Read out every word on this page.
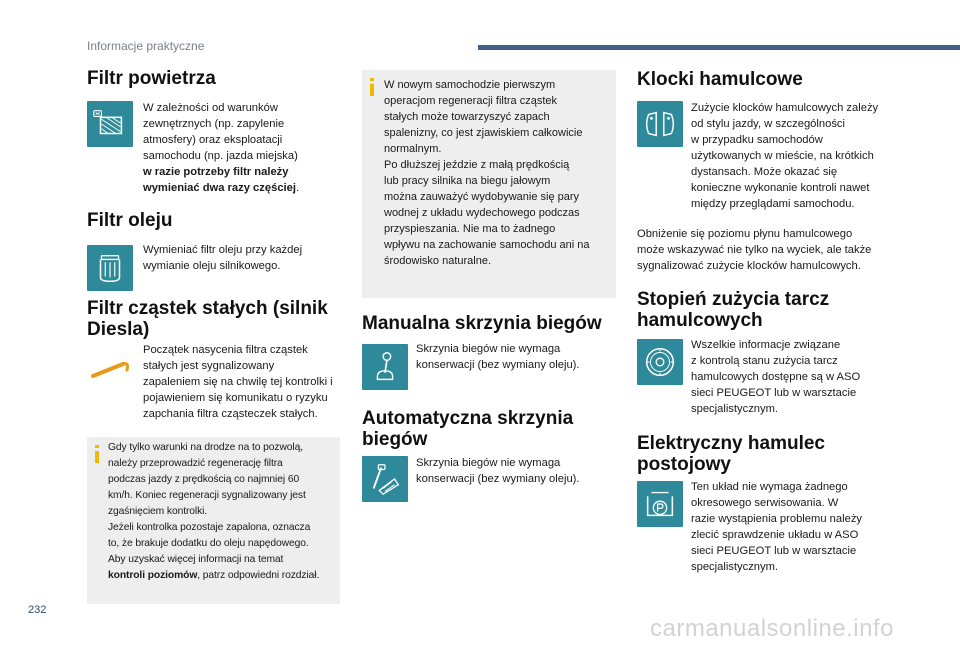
Informacje praktyczne
Filtr powietrza
W zależności od warunków
zewnętrznych (np. zapylenie
atmosfery) oraz eksploatacji
samochodu (np. jazda miejska)
w razie potrzeby filtr należy
wymieniać dwa razy częściej.
Filtr oleju
Wymieniać filtr oleju przy każdej
wymianie oleju silnikowego.
Filtr cząstek stałych (silnik
Diesla)
Początek nasycenia filtra cząstek
stałych jest sygnalizowany
zapaleniem się na chwilę tej kontrolki i
pojawieniem się komunikatu o ryzyku
zapchania filtra cząsteczek stałych.
Gdy tylko warunki na drodze na to pozwolą,
należy przeprowadzić regenerację filtra
podczas jazdy z prędkością co najmniej 60
km/h. Koniec regeneracji sygnalizowany jest
zgaśnięciem kontrolki.
Jeżeli kontrolka pozostaje zapalona, oznacza
to, że brakuje dodatku do oleju napędowego.
Aby uzyskać więcej informacji na temat
kontroli poziomów, patrz odpowiedni rozdział.
W nowym samochodzie pierwszym
operacjom regeneracji filtra cząstek
stałych może towarzyszyć zapach
spalenizny, co jest zjawiskiem całkowicie
normalnym.
Po dłuższej jeździe z małą prędkością
lub pracy silnika na biegu jałowym
można zauważyć wydobywanie się pary
wodnej z układu wydechowego podczas
przyspieszania. Nie ma to żadnego
wpływu na zachowanie samochodu ani na
środowisko naturalne.
Manualna skrzynia biegów
Skrzynia biegów nie wymaga
konserwacji (bez wymiany oleju).
Automatyczna skrzynia
biegów
Skrzynia biegów nie wymaga
konserwacji (bez wymiany oleju).
Klocki hamulcowe
Zużycie klocków hamulcowych zależy
od stylu jazdy, w szczególności
w przypadku samochodów
użytkowanych w mieście, na krótkich
dystansach. Może okazać się
konieczne wykonanie kontroli nawet
między przeglądami samochodu.
Obniżenie się poziomu płynu hamulcowego
może wskazywać nie tylko na wyciek, ale także
sygnalizować zużycie klocków hamulcowych.
Stopień zużycia tarcz
hamulcowych
Wszelkie informacje związane
z kontrolą stanu zużycia tarcz
hamulcowych dostępne są w ASO
sieci PEUGEOT lub w warsztacie
specjalistycznym.
Elektryczny hamulec
postojowy
Ten układ nie wymaga żadnego
okresowego serwisowania. W
razie wystąpienia problemu należy
zlecić sprawdzenie układu w ASO
sieci PEUGEOT lub w warsztacie
specjalistycznym.
232
carmanualsonline.info
